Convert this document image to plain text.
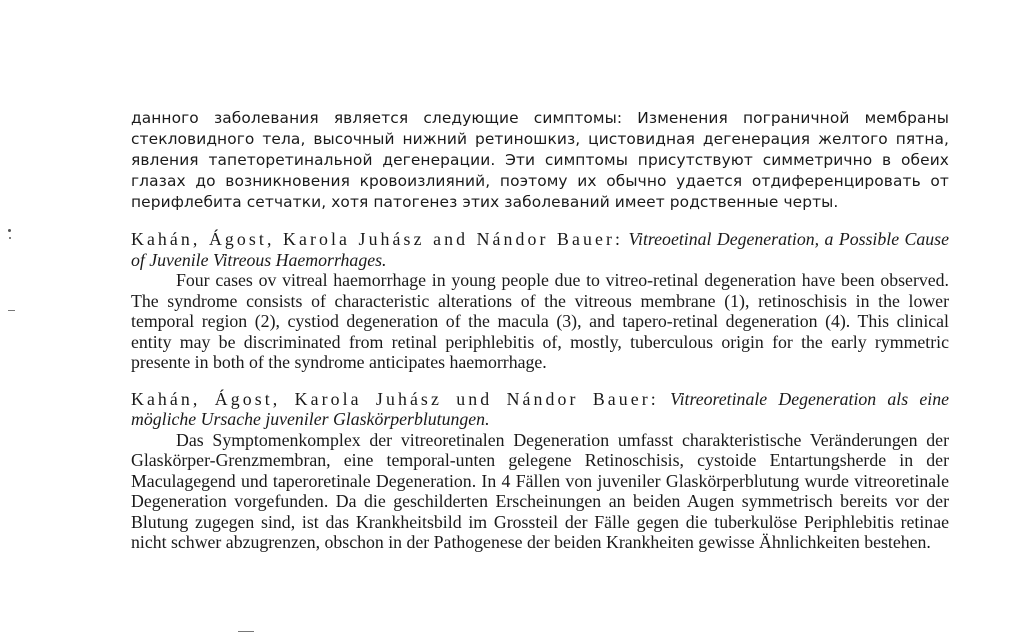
данного заболевания является следующие симптомы: Изменения пограничной мембраны стекловидного тела, высочный нижний ретиношкиз, цистовидная дегенерация желтого пятна, явления тапеторетинальной дегенерации. Эти симптомы присутствуют симметрично в обеих глазах до возникновения кровоизлияний, поэтому их обычно удается отдиференцировать от перифлебита сетчатки, хотя патогенез этих заболеваний имеет родственные черты.

Kahán, Ágost, Karola Juhász and Nándor Bauer: Vitreoetinal Degeneration, a Possible Cause of Juvenile Vitreous Haemorrhages.

Four cases ov vitreal haemorrhage in young people due to vitreo-retinal degeneration have been observed. The syndrome consists of characteristic alterations of the vitreous membrane (1), retinoschisis in the lower temporal region (2), cystiod degeneration of the macula (3), and tapero-retinal degeneration (4). This clinical entity may be discriminated from retinal periphlebitis of, mostly, tuberculous origin for the early rymmetric presente in both of the syndrome anticipates haemorrhage.

Kahán, Ágost, Karola Juhász und Nándor Bauer: Vitreoretinale Degeneration als eine mögliche Ursache juveniler Glaskörperblutungen.

Das Symptomenkomplex der vitreoretinalen Degeneration umfasst charakteristische Veränderungen der Glaskörper-Grenzmembran, eine temporal-unten gelegene Retinoschisis, cystoide Entartungsherde in der Maculagegend und taperoretinale Degeneration. In 4 Fällen von juveniler Glaskörperblutung wurde vitreoretinale Degeneration vorgefunden. Da die geschilderten Erscheinungen an beiden Augen symmetrisch bereits vor der Blutung zugegen sind, ist das Krankheitsbild im Grossteil der Fälle gegen die tuberkulöse Periphlebitis retinae nicht schwer abzugrenzen, obschon in der Pathogenese der beiden Krankheiten gewisse Ähnlichkeiten bestehen.
